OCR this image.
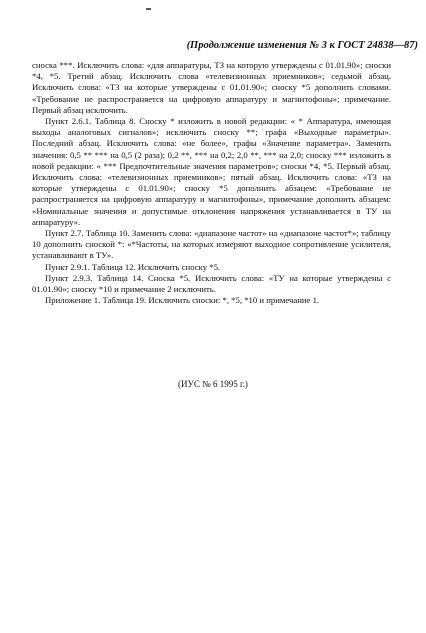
(Продолжение изменения № 3 к ГОСТ 24838—87)

сноска ***. Исключить слова: «для аппаратуры, ТЗ на которую утверждены с 01.01.90»; сноски *4, *5. Третий абзац. Исключить слова «телевизионных приемников»; седьмой абзац. Исключить слова: «ТЗ на которые утверждены с 01.01.90»; сноску *5 дополнить словами. «Требование не распространяется на цифровую аппаратуру и магнитофоны»; примечание. Первый абзац исключить.

Пункт 2.6.1. Таблица 8. Сноску * изложить в новой редакции: « * Аппаратура, имеющая выходы аналоговых сигналов»; исключить сноску **; графа «Выходные параметры». Последний абзац. Исключить слова: «не более», графы «Значение параметра». Заменить значения: 0,5 ** *** на 0,5 (2 раза); 0,2 **, *** на 0,2; 2,0 **, *** на 2,0; сноску *** изложить в новой редакции: « *** Предпочтительные значения параметров»; сноски *4, *5. Первый абзац. Исключить слова: «телевизионных приемников»; пятый абзац. Исключить слова: «ТЗ на которые утверждены с 01.01.90»; сноску *5 дополнить абзацем: «Требование не распространяется на цифровую аппаратуру и магнитофоны», примечание дополнить абзацем: «Номинальные значения и допустимые отклонения напряжения устанавливается в ТУ на аппаратуру».

Пункт 2.7. Таблица 10. Заменить слова: «диапазоне частот» на «диапазоне частот*»; таблицу 10 дополнить сноской *: «*Частоты, на которых измеряют выходное сопротивление усилителя, устанавливают в ТУ».

Пункт 2.9.1. Таблица 12. Исключить сноску *5.

Пункт 2.9.3. Таблица 14. Сноска *5. Исключить слова: «ТУ на которые утверждены с 01.01.90»; сноску *10 и примечание 2 исключить.

Приложение 1. Таблица 19. Исключить сноски: *, *5, *10 и примечание 1.

(ИУС № 6 1995 г.)
